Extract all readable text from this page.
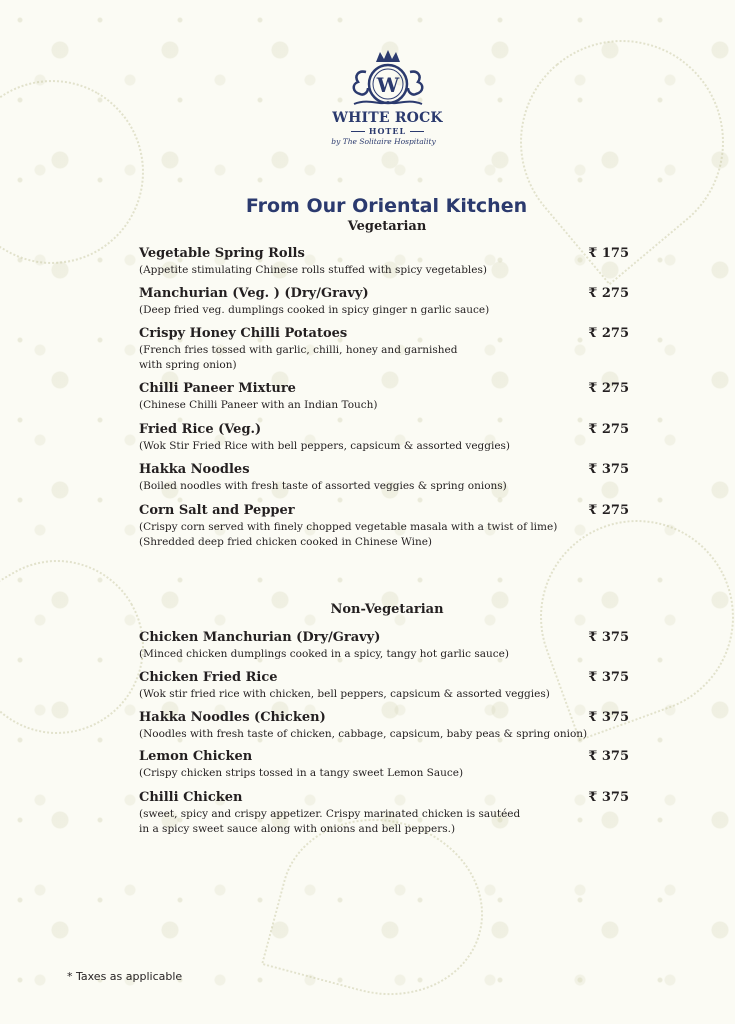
W
WHITE ROCK
HOTEL
by The Solitaire Hospitality
From Our Oriental Kitchen
Vegetarian
Vegetable Spring Rolls	₹ 175
(Appetite stimulating Chinese rolls stuffed with spicy vegetables)
Manchurian (Veg. ) (Dry/Gravy)	₹ 275
(Deep fried veg. dumplings cooked in spicy ginger n garlic sauce)
Crispy Honey Chilli Potatoes	₹ 275
(French fries tossed with garlic, chilli, honey and garnished
with spring onion)
Chilli Paneer Mixture	₹ 275
(Chinese Chilli Paneer with an Indian Touch)
Fried Rice (Veg.)	₹ 275
(Wok Stir Fried Rice with bell peppers, capsicum & assorted veggies)
Hakka Noodles	₹ 375
(Boiled noodles with fresh taste of assorted veggies & spring onions)
Corn Salt and Pepper	₹ 275
(Crispy corn served with finely chopped vegetable masala with a twist of lime)
(Shredded deep fried chicken cooked in Chinese Wine)
Non-Vegetarian
Chicken Manchurian (Dry/Gravy)	₹ 375
(Minced chicken dumplings cooked in a spicy, tangy hot garlic sauce)
Chicken Fried Rice	₹ 375
(Wok stir fried rice with chicken, bell peppers, capsicum & assorted veggies)
Hakka Noodles (Chicken)	₹ 375
(Noodles with fresh taste of chicken, cabbage, capsicum, baby peas & spring onion)
Lemon Chicken	₹ 375
(Crispy chicken strips tossed in a tangy sweet Lemon Sauce)
Chilli Chicken	₹ 375
(sweet, spicy and crispy appetizer. Crispy marinated chicken is sautéed
in a spicy sweet sauce along with onions and bell peppers.)
* Taxes as applicable
